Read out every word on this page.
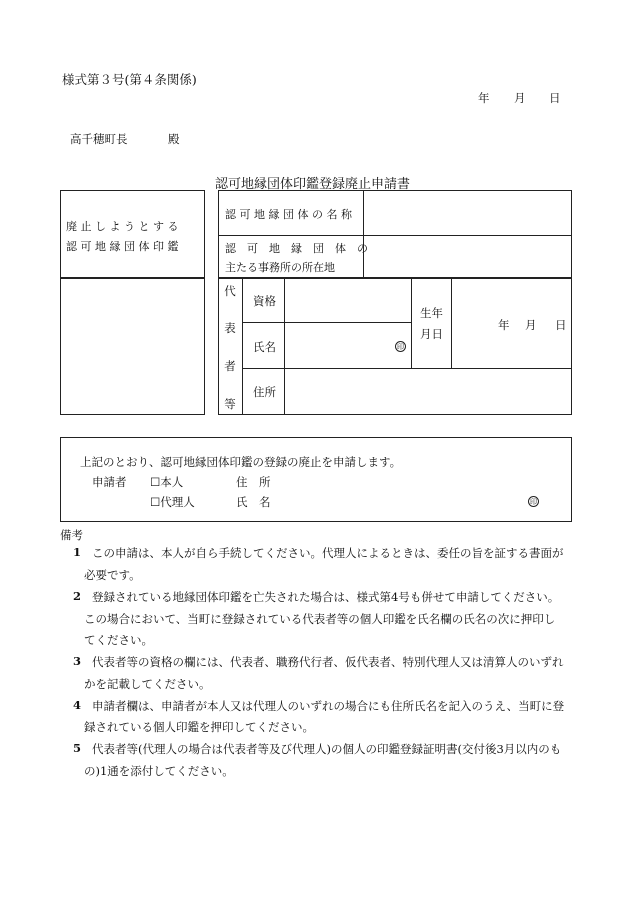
様式第３号(第４条関係)
年 月 日
高千穂町長	殿
認可地縁団体印鑑登録廃止申請書
廃 止 し よ う と す る
認 可 地 縁 団 体 印 鑑
認 可 地 縁 団 体 の 名 称
認　可　地　縁　団　体　の
主たる事務所の所在地
代
表
者
等
資格
氏名
住所
印
生年
月日
年 月 日
上記のとおり、認可地縁団体印鑑の登録の廃止を申請します。
申請者 ☐本人
☐代理人
住　所
氏　名	印
備考
1 この申請は、本人が自ら手続してください。代理人によるときは、委任の旨を証する書面が
必要です。
2 登録されている地縁団体印鑑を亡失された場合は、様式第4号も併せて申請してください。
この場合において、当町に登録されている代表者等の個人印鑑を氏名欄の氏名の次に押印し
てください。
3 代表者等の資格の欄には、代表者、職務代行者、仮代表者、特別代理人又は清算人のいずれ
かを記載してください。
4 申請者欄は、申請者が本人又は代理人のいずれの場合にも住所氏名を記入のうえ、当町に登
録されている個人印鑑を押印してください。
5 代表者等(代理人の場合は代表者等及び代理人)の個人の印鑑登録証明書(交付後3月以内のも
の)1通を添付してください。
